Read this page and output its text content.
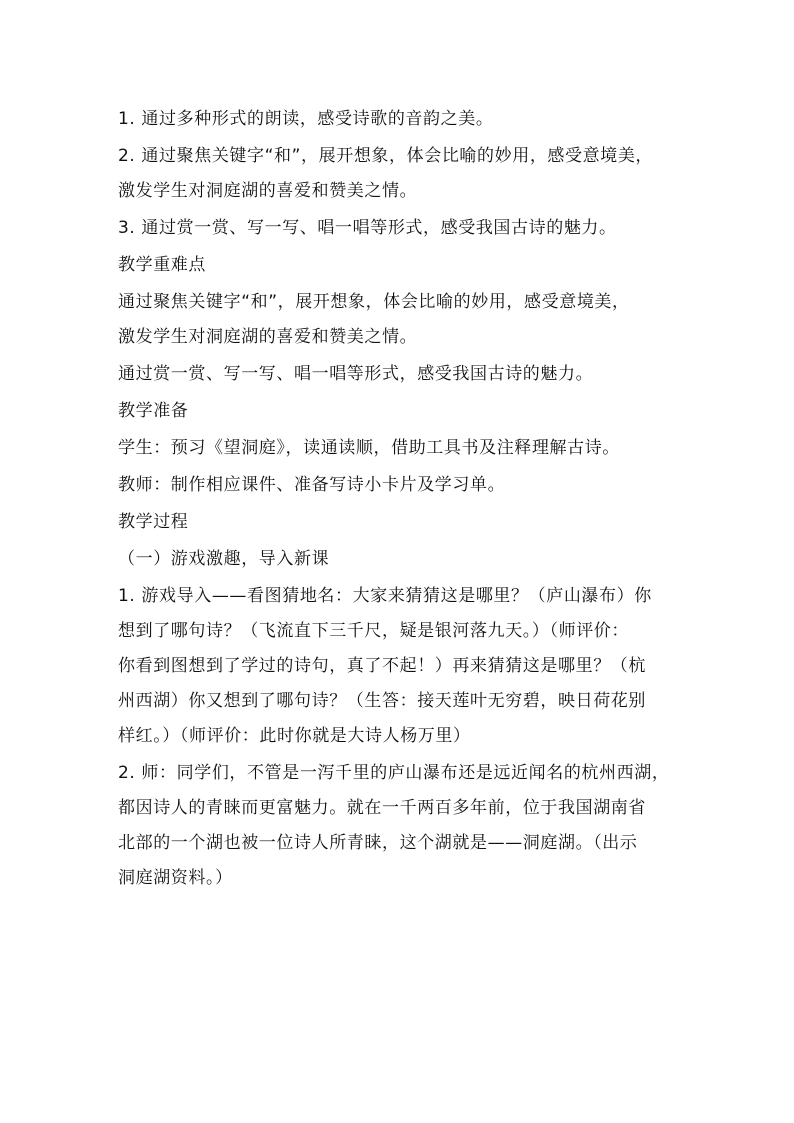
1. 通过多种形式的朗读，感受诗歌的音韵之美。
2. 通过聚焦关键字“和”，展开想象，体会比喻的妙用，感受意境美，
激发学生对洞庭湖的喜爱和赞美之情。
3. 通过赏一赏、写一写、唱一唱等形式，感受我国古诗的魅力。
教学重难点
通过聚焦关键字“和”，展开想象，体会比喻的妙用，感受意境美，
激发学生对洞庭湖的喜爱和赞美之情。
通过赏一赏、写一写、唱一唱等形式，感受我国古诗的魅力。
教学准备
学生：预习《望洞庭》，读通读顺，借助工具书及注释理解古诗。
教师：制作相应课件、准备写诗小卡片及学习单。
教学过程
（一）游戏激趣，导入新课
1. 游戏导入——看图猜地名：大家来猜猜这是哪里？（庐山瀑布）你
想到了哪句诗？（飞流直下三千尺，疑是银河落九天。）（师评价：
你看到图想到了学过的诗句，真了不起！）再来猜猜这是哪里？（杭
州西湖）你又想到了哪句诗？（生答：接天莲叶无穷碧，映日荷花别
样红。）（师评价：此时你就是大诗人杨万里）
2. 师：同学们，不管是一泻千里的庐山瀑布还是远近闻名的杭州西湖，
都因诗人的青睐而更富魅力。就在一千两百多年前，位于我国湖南省
北部的一个湖也被一位诗人所青睐，这个湖就是——洞庭湖。（出示
洞庭湖资料。）
